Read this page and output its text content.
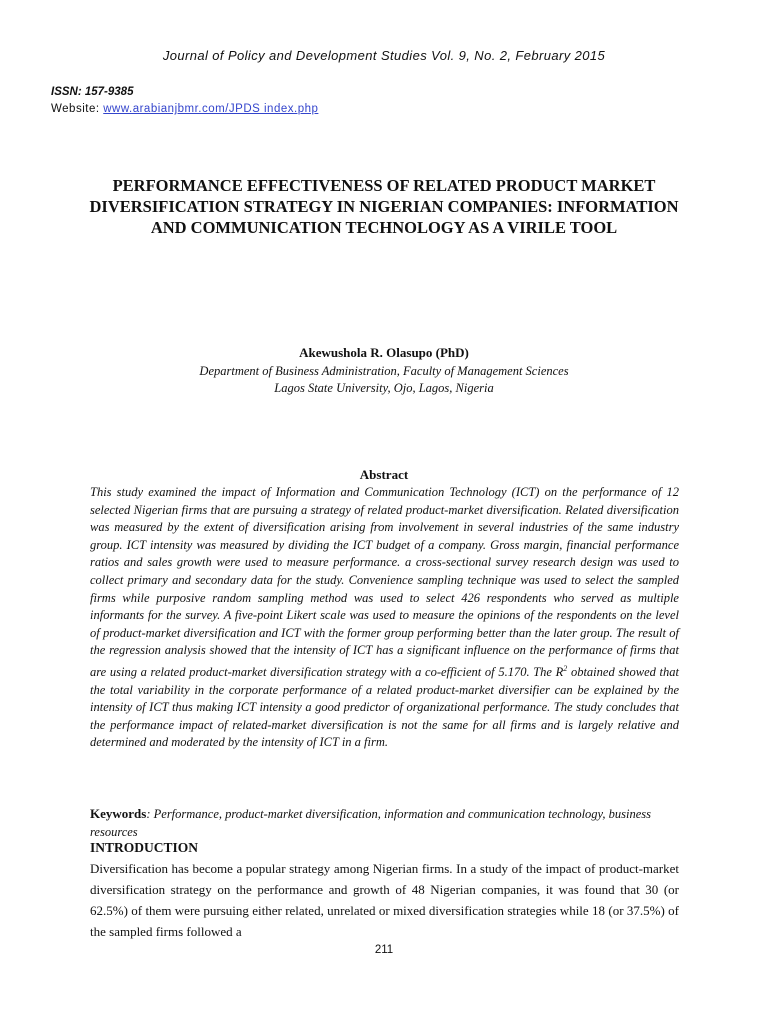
Journal of Policy and Development Studies Vol. 9, No. 2, February 2015
ISSN: 157-9385
Website: www.arabianjbmr.com/JPDS index.php
PERFORMANCE EFFECTIVENESS OF RELATED PRODUCT MARKET DIVERSIFICATION STRATEGY IN NIGERIAN COMPANIES: INFORMATION AND COMMUNICATION TECHNOLOGY AS A VIRILE TOOL
Akewushola R. Olasupo (PhD)
Department of Business Administration, Faculty of Management Sciences
Lagos State University, Ojo, Lagos, Nigeria
Abstract

This study examined the impact of Information and Communication Technology (ICT) on the performance of 12 selected Nigerian firms that are pursuing a strategy of related product-market diversification. Related diversification was measured by the extent of diversification arising from involvement in several industries of the same industry group. ICT intensity was measured by dividing the ICT budget of a company. Gross margin, financial performance ratios and sales growth were used to measure performance. a cross-sectional survey research design was used to collect primary and secondary data for the study. Convenience sampling technique was used to select the sampled firms while purposive random sampling method was used to select 426 respondents who served as multiple informants for the survey. A five-point Likert scale was used to measure the opinions of the respondents on the level of product-market diversification and ICT with the former group performing better than the later group. The result of the regression analysis showed that the intensity of ICT has a significant influence on the performance of firms that are using a related product-market diversification strategy with a co-efficient of 5.170. The $R^2$ obtained showed that the total variability in the corporate performance of a related product-market diversifier can be explained by the intensity of ICT thus making ICT intensity a good predictor of organizational performance. The study concludes that the performance impact of related-market diversification is not the same for all firms and is largely relative and determined and moderated by the intensity of ICT in a firm.

Keywords: Performance, product-market diversification, information and communication technology, business resources

INTRODUCTION

Diversification has become a popular strategy among Nigerian firms. In a study of the impact of product-market diversification strategy on the performance and growth of 48 Nigerian companies, it was found that 30 (or 62.5%) of them were pursuing either related, unrelated or mixed diversification strategies while 18 (or 37.5%) of the sampled firms followed a

211
